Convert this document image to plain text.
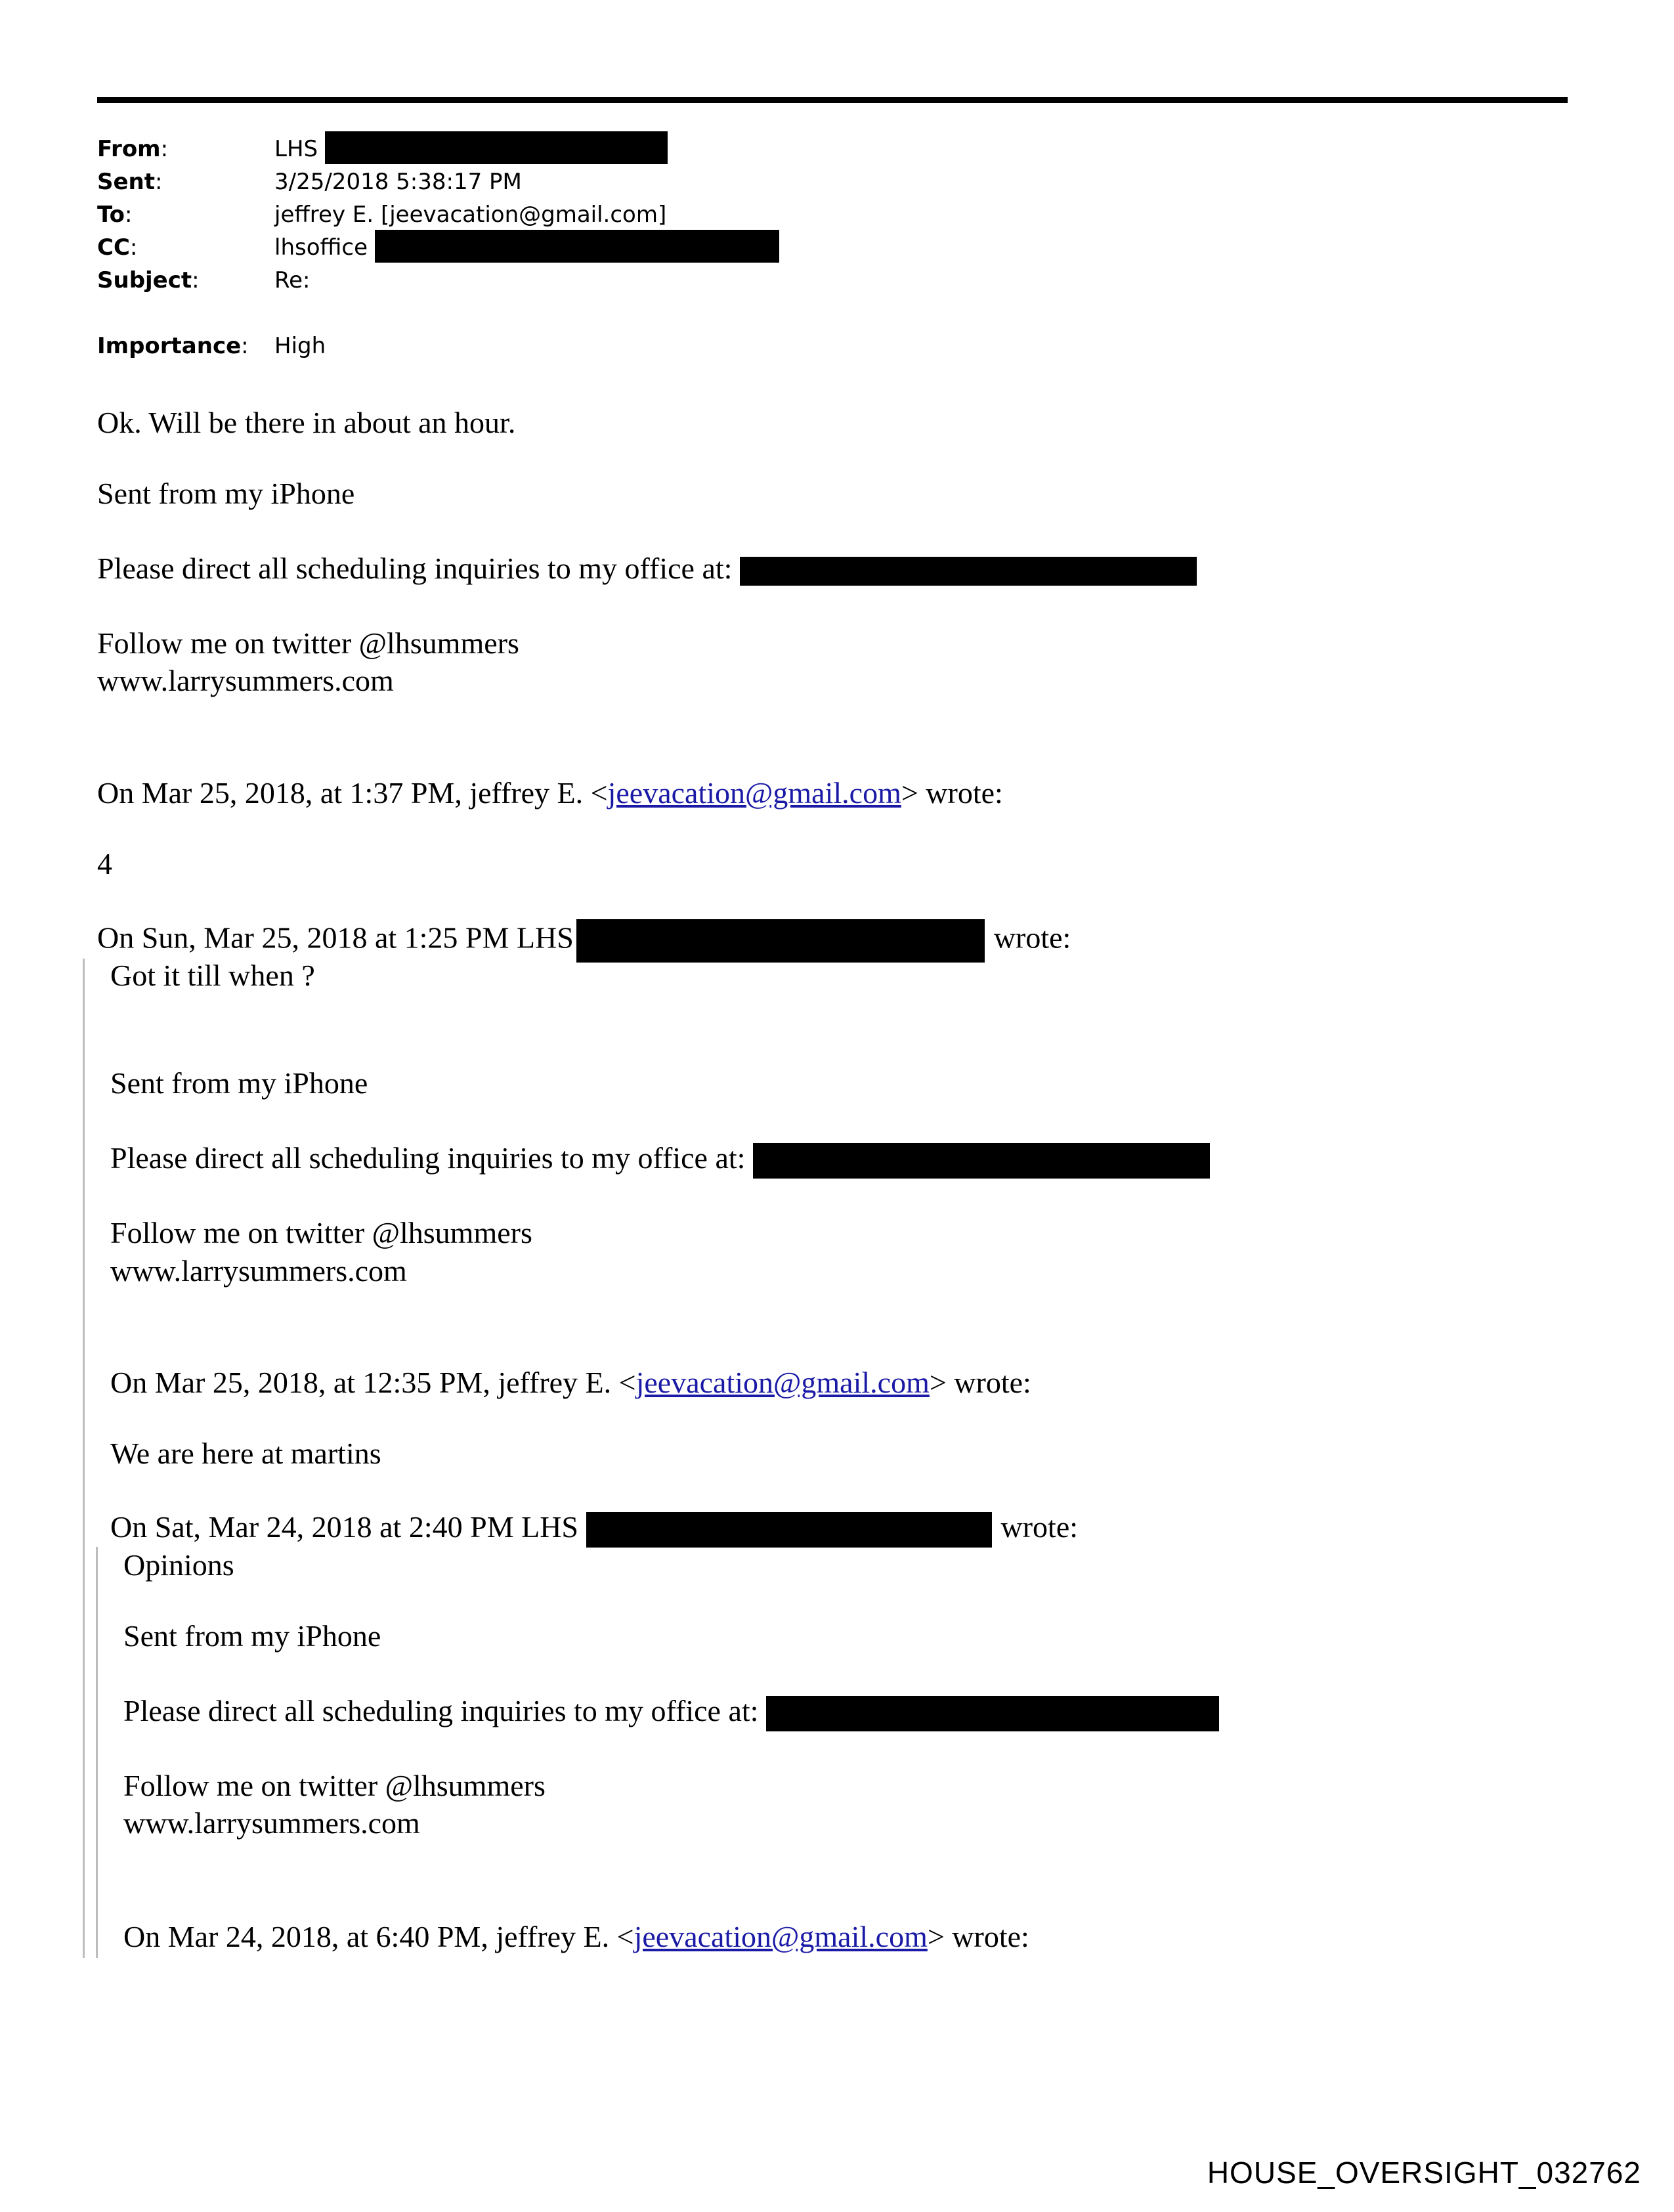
From:	LHS
Sent:	3/25/2018 5:38:17 PM
To:	jeffrey E. [jeevacation@gmail.com]
CC:	lhsoffice
Subject:	Re:
Importance: High
Ok. Will be there in about an hour.
Sent from my iPhone
Please direct all scheduling inquiries to my office at:
Follow me on twitter @lhsummers
www.larrysummers.com
On Mar 25, 2018, at 1:37 PM, jeffrey E. <jeevacation@gmail.com> wrote:
4
On Sun, Mar 25, 2018 at 1:25 PM LHS	wrote:
Got it till when ?
Sent from my iPhone
Please direct all scheduling inquiries to my office at:
Follow me on twitter @lhsummers
www.larrysummers.com
On Mar 25, 2018, at 12:35 PM, jeffrey E. <jeevacation@gmail.com> wrote:
We are here at martins
On Sat, Mar 24, 2018 at 2:40 PM LHS	wrote:
Opinions
Sent from my iPhone
Please direct all scheduling inquiries to my office at:
Follow me on twitter @lhsummers
www.larrysummers.com
On Mar 24, 2018, at 6:40 PM, jeffrey E. <jeevacation@gmail.com> wrote:
HOUSE_OVERSIGHT_032762
